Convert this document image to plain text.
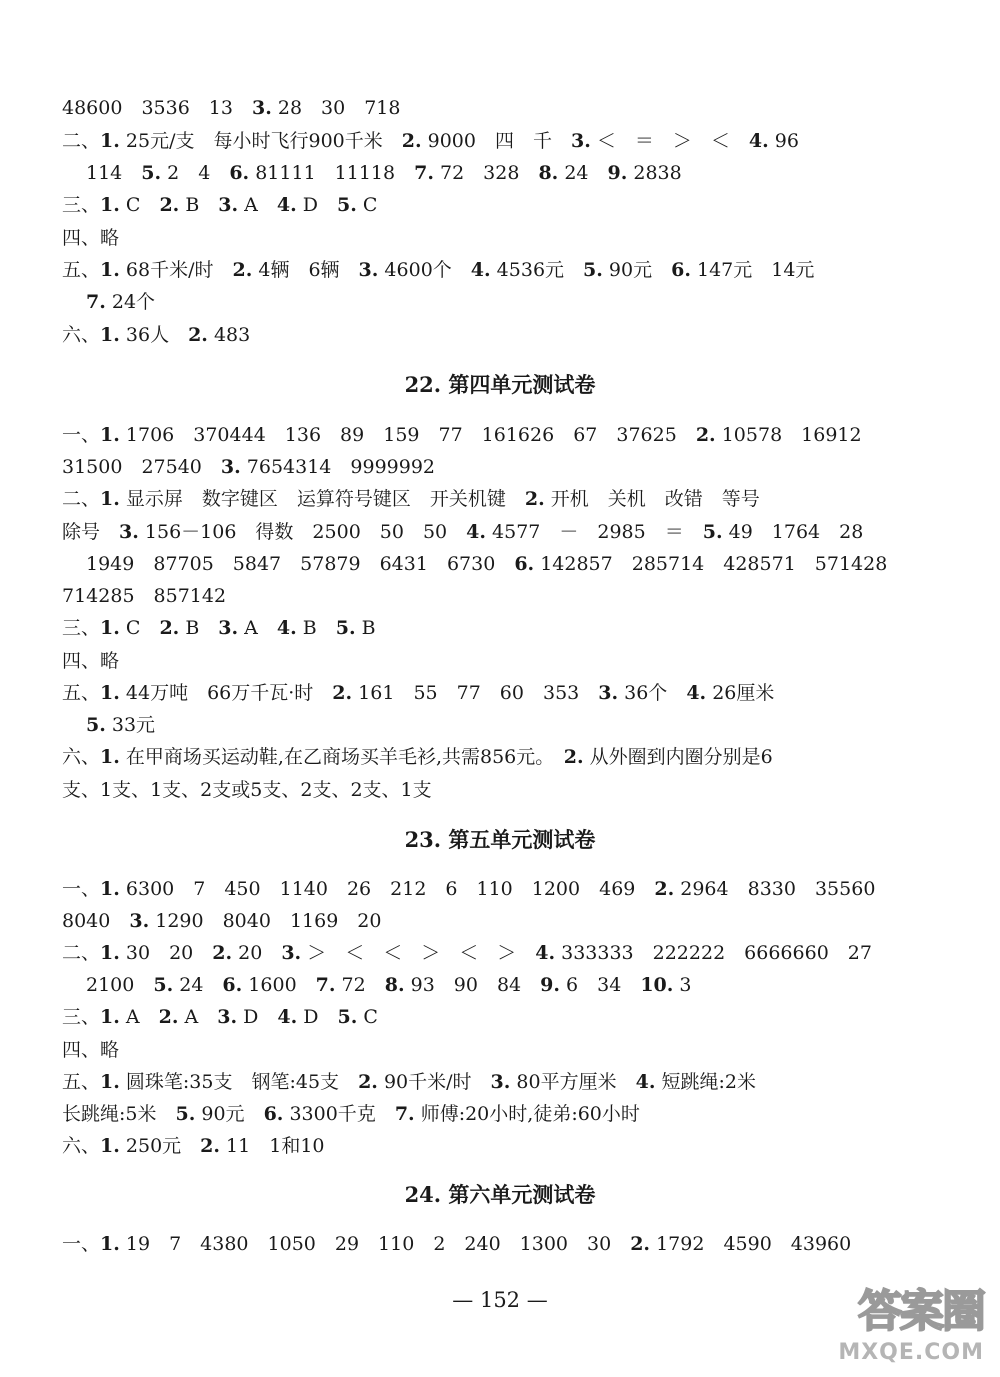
48600　3536　13　3. 28　30　718
二、1. 25元/支　每小时飞行900千米　2. 9000　四　千　3. ＜　＝　＞　＜　4. 96
114　5. 2　4　6. 81111　11118　7. 72　328　8. 24　9. 2838
三、1. C　2. B　3. A　4. D　5. C
四、略
五、1. 68千米/时　2. 4辆　6辆　3. 4600个　4. 4536元　5. 90元　6. 147元　14元
7. 24个
六、1. 36人　2. 483
22. 第四单元测试卷
一、1. 1706　370444　136　89　159　77　161626　67　37625　2. 10578　16912
31500　27540　3. 7654314　9999992
二、1. 显示屏　数字键区　运算符号键区　开关机键　2. 开机　关机　改错　等号
除号　3. 156－106　得数　2500　50　50　4. 4577　－　2985　＝　5. 49　1764　28
1949　87705　5847　57879　6431　6730　6. 142857　285714　428571　571428
714285　857142
三、1. C　2. B　3. A　4. B　5. B
四、略
五、1. 44万吨　66万千瓦·时　2. 161　55　77　60　353　3. 36个　4. 26厘米
5. 33元
六、1. 在甲商场买运动鞋,在乙商场买羊毛衫,共需856元。　2. 从外圈到内圈分别是6
支、1支、1支、2支或5支、2支、2支、1支
23. 第五单元测试卷
一、1. 6300　7　450　1140　26　212　6　110　1200　469　2. 2964　8330　35560
8040　3. 1290　8040　1169　20
二、1. 30　20　2. 20　3. ＞　＜　＜　＞　＜　＞　4. 333333　222222　6666660　27
2100　5. 24　6. 1600　7. 72　8. 93　90　84　9. 6　34　10. 3
三、1. A　2. A　3. D　4. D　5. C
四、略
五、1. 圆珠笔:35支　钢笔:45支　2. 90千米/时　3. 80平方厘米　4. 短跳绳:2米
长跳绳:5米　5. 90元　6. 3300千克　7. 师傅:20小时,徒弟:60小时
六、1. 250元　2. 11　1和10
24. 第六单元测试卷
一、1. 19　7　4380　1050　29　110　2　240　1300　30　2. 1792　4590　43960
— 152 —	答案圈
MXQE.COM
